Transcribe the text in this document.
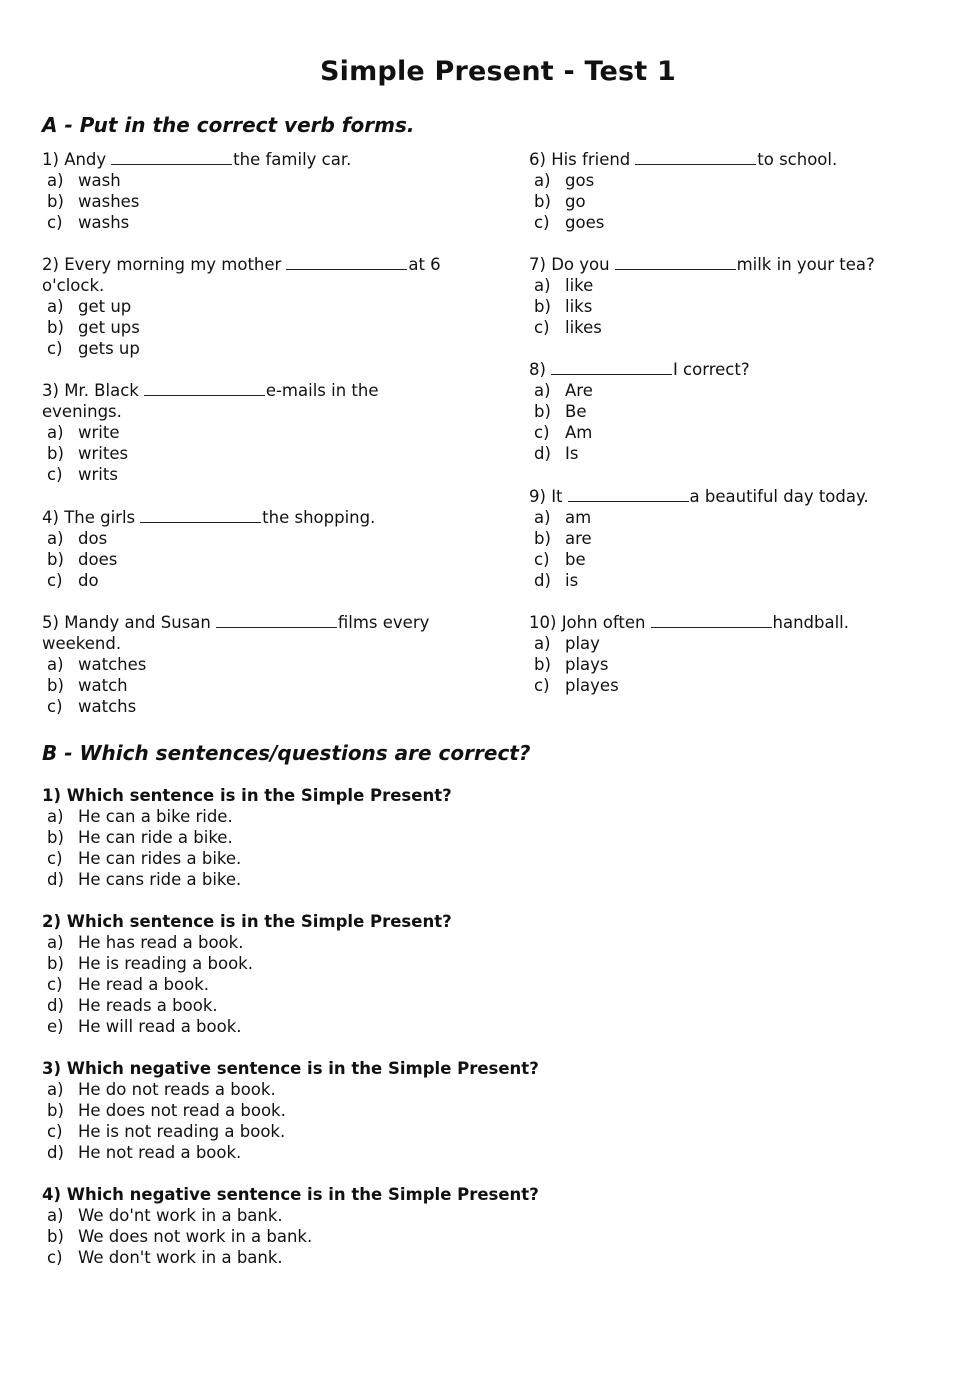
Simple Present - Test 1
A - Put in the correct verb forms.
1) Andy	the family car.
a) wash
b) washes
c) washs
2) Every morning my mother	at 6
o'clock.
a) get up
b) get ups
c) gets up
3) Mr. Black	e-mails in the
evenings.
a) write
b) writes
c) writs
4) The girls	the shopping.
a) dos
b) does
c) do
5) Mandy and Susan	films every
weekend.
a) watches
b) watch
c) watchs
6) His friend	to school.
a) gos
b) go
c) goes
7) Do you	milk in your tea?
a) like
b) liks
c) likes
8)	I correct?
a) Are
b) Be
c) Am
d) Is
9) It	a beautiful day today.
a) am
b) are
c) be
d) is
10) John often	handball.
a) play
b) plays
c) playes
B - Which sentences/questions are correct?
1) Which sentence is in the Simple Present?
a) He can a bike ride.
b) He can ride a bike.
c) He can rides a bike.
d) He cans ride a bike.
2) Which sentence is in the Simple Present?
a) He has read a book.
b) He is reading a book.
c) He read a book.
d) He reads a book.
e) He will read a book.
3) Which negative sentence is in the Simple Present?
a) He do not reads a book.
b) He does not read a book.
c) He is not reading a book.
d) He not read a book.
4) Which negative sentence is in the Simple Present?
a) We do'nt work in a bank.
b) We does not work in a bank.
c) We don't work in a bank.
